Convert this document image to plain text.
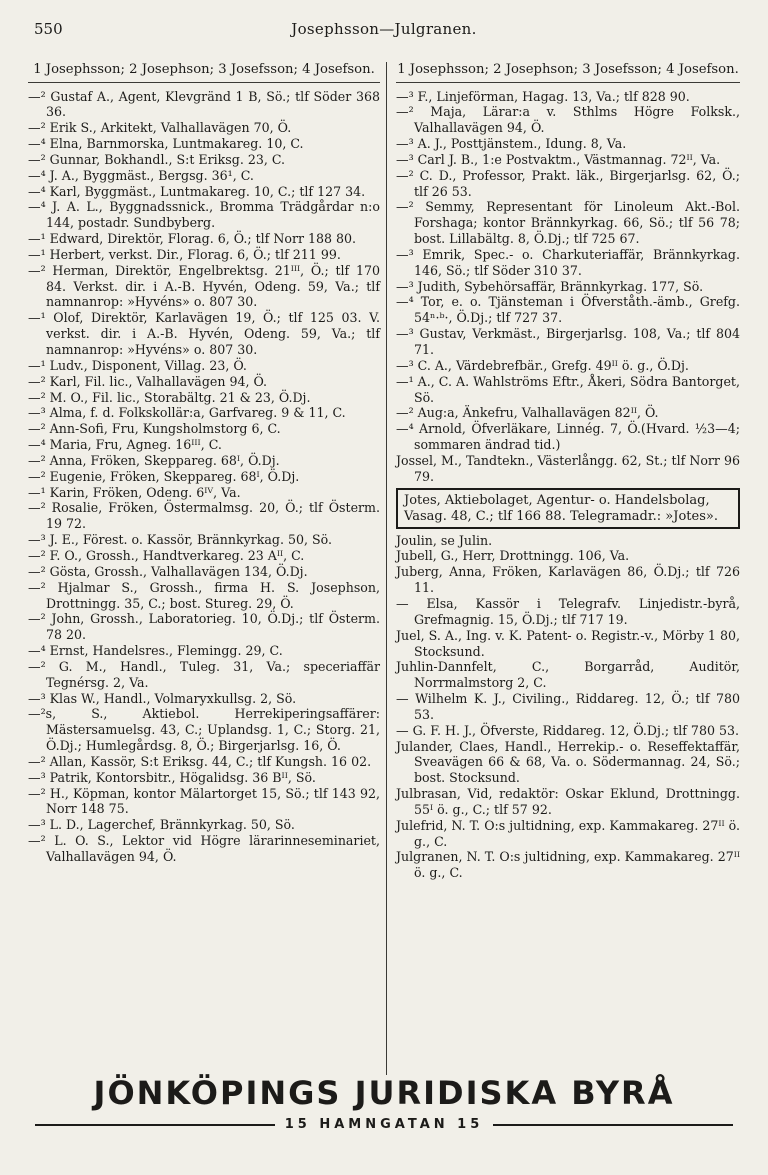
550	Josephsson—Julgranen.
1 Josephsson; 2 Josephson; 3 Josefsson; 4 Josefson.
—² Gustaf A., Agent, Klevgränd 1 B, Sö.; tlf Söder 368 36.
—² Erik S., Arkitekt, Valhallavägen 70, Ö.
—⁴ Elna, Barnmorska, Luntmakareg. 10, C.
—² Gunnar, Bokhandl., S:t Eriksg. 23, C.
—⁴ J. A., Byggmäst., Bergsg. 36¹, C.
—⁴ Karl, Byggmäst., Luntmakareg. 10, C.; tlf 127 34.
—⁴ J. A. L., Byggnadssnick., Bromma Trädgårdar n:o 144, postadr. Sundbyberg.
—¹ Edward, Direktör, Florag. 6, Ö.; tlf Norr 188 80.
—¹ Herbert, verkst. Dir., Florag. 6, Ö.; tlf 211 99.
—² Herman, Direktör, Engelbrektsg. 21ᴵᴵᴵ, Ö.; tlf 170 84. Verkst. dir. i A.-B. Hyvén, Odeng. 59, Va.; tlf namnanrop: »Hyvéns» o. 807 30.
—¹ Olof, Direktör, Karlavägen 19, Ö.; tlf 125 03. V. verkst. dir. i A.-B. Hyvén, Odeng. 59, Va.; tlf namnanrop: »Hyvéns» o. 807 30.
—¹ Ludv., Disponent, Villag. 23, Ö.
—² Karl, Fil. lic., Valhallavägen 94, Ö.
—² M. O., Fil. lic., Storabältg. 21 & 23, Ö.Dj.
—³ Alma, f. d. Folkskollär:a, Garfvareg. 9 & 11, C.
—² Ann-Sofi, Fru, Kungsholmstorg 6, C.
—⁴ Maria, Fru, Agneg. 16ᴵᴵᴵ, C.
—² Anna, Fröken, Skeppareg. 68ᴵ, Ö.Dj.
—² Eugenie, Fröken, Skeppareg. 68ᴵ, Ö.Dj.
—¹ Karin, Fröken, Odeng. 6ᴵⱽ, Va.
—² Rosalie, Fröken, Östermalmsg. 20, Ö.; tlf Österm. 19 72.
—³ J. E., Förest. o. Kassör, Brännkyrkag. 50, Sö.
—² F. O., Grossh., Handtverkareg. 23 Aᴵᴵ, C.
—² Gösta, Grossh., Valhallavägen 134, Ö.Dj.
—² Hjalmar S., Grossh., firma H. S. Josephson, Drottningg. 35, C.; bost. Stureg. 29, Ö.
—² John, Grossh., Laboratorieg. 10, Ö.Dj.; tlf Österm. 78 20.
—⁴ Ernst, Handelsres., Flemingg. 29, C.
—² G. M., Handl., Tuleg. 31, Va.; speceriaffär Tegnérsg. 2, Va.
—³ Klas W., Handl., Volmaryxkullsg. 2, Sö.
—²s, S., Aktiebol. Herrekiperingsaffärer: Mästersamuelsg. 43, C.; Uplandsg. 1, C.; Storg. 21, Ö.Dj.; Humlegårdsg. 8, Ö.; Birgerjarlsg. 16, Ö.
—² Allan, Kassör, S:t Eriksg. 44, C.; tlf Kungsh. 16 02.
—³ Patrik, Kontorsbitr., Högalidsg. 36 Bᴵᴵ, Sö.
—² H., Köpman, kontor Mälartorget 15, Sö.; tlf 143 92, Norr 148 75.
—³ L. D., Lagerchef, Brännkyrkag. 50, Sö.
—² L. O. S., Lektor vid Högre lärarinneseminariet, Valhallavägen 94, Ö.
1 Josephsson; 2 Josephson; 3 Josefsson; 4 Josefson.
—³ F., Linjeförman, Hagag. 13, Va.; tlf 828 90.
—² Maja, Lärar:a v. Sthlms Högre Folksk., Valhallavägen 94, Ö.
—³ A. J., Posttjänstem., Idung. 8, Va.
—³ Carl J. B., 1:e Postvaktm., Västmannag. 72ᴵᴵ, Va.
—² C. D., Professor, Prakt. läk., Birgerjarlsg. 62, Ö.; tlf 26 53.
—² Semmy, Representant för Linoleum Akt.-Bol. Forshaga; kontor Brännkyrkag. 66, Sö.; tlf 56 78; bost. Lillabältg. 8, Ö.Dj.; tlf 725 67.
—³ Emrik, Spec.- o. Charkuteriaffär, Brännkyrkag. 146, Sö.; tlf Söder 310 37.
—³ Judith, Sybehörsaffär, Brännkyrkag. 177, Sö.
—⁴ Tor, e. o. Tjänsteman i Öfverståth.-ämb., Grefg. 54ⁿ·ᵇ·, Ö.Dj.; tlf 727 37.
—³ Gustav, Verkmäst., Birgerjarlsg. 108, Va.; tlf 804 71.
—³ C. A., Värdebrefbär., Grefg. 49ᴵᴵ ö. g., Ö.Dj.
—¹ A., C. A. Wahlströms Eftr., Åkeri, Södra Bantorget, Sö.
—² Aug:a, Änkefru, Valhallavägen 82ᴵᴵ, Ö.
—⁴ Arnold, Öfverläkare, Linnég. 7, Ö.(Hvard. ½3—4; sommaren ändrad tid.)
Jossel, M., Tandtekn., Västerlångg. 62, St.; tlf Norr 96 79.
Jotes, Aktiebolaget, Agentur- o. Handelsbolag, Vasag. 48, C.; tlf 166 88. Telegramadr.: »Jotes».
Joulin, se Julin.
Jubell, G., Herr, Drottningg. 106, Va.
Juberg, Anna, Fröken, Karlavägen 86, Ö.Dj.; tlf 726 11.
— Elsa, Kassör i Telegrafv. Linjedistr.-byrå, Grefmagnig. 15, Ö.Dj.; tlf 717 19.
Juel, S. A., Ing. v. K. Patent- o. Registr.-v., Mörby 1 80, Stocksund.
Juhlin-Dannfelt, C., Borgarråd, Auditör, Norrmalmstorg 2, C.
— Wilhelm K. J., Civiling., Riddareg. 12, Ö.; tlf 780 53.
— G. F. H. J., Öfverste, Riddareg. 12, Ö.Dj.; tlf 780 53.
Julander, Claes, Handl., Herrekip.- o. Reseffektaffär, Sveavägen 66 & 68, Va. o. Södermannag. 24, Sö.; bost. Stocksund.
Julbrasan, Vid, redaktör: Oskar Eklund, Drottningg. 55ᴵ ö. g., C.; tlf 57 92.
Julefrid, N. T. O:s jultidning, exp. Kammakareg. 27ᴵᴵ ö. g., C.
Julgranen, N. T. O:s jultidning, exp. Kammakareg. 27ᴵᴵ ö. g., C.
JÖNKÖPINGS JURIDISKA BYRÅ
15 HAMNGATAN 15
